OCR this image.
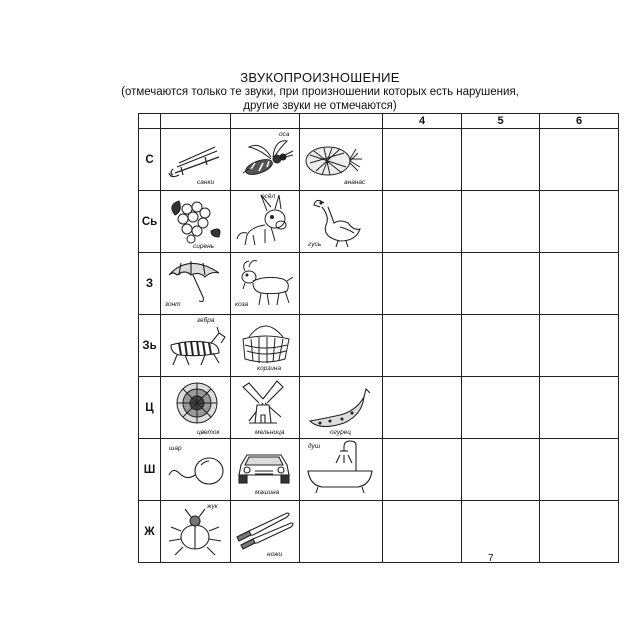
ЗВУКОПРОИЗНОШЕНИЕ
(отмечаются только те звуки, при произношении которых есть нарушения,
другие звуки не отмечаются)
				4	5	6
С	санки	оса	ананас			

Сь	сирень	осёл	гусь			

З	зонт	коза				

Зь	зебра	корзина				

Ц	цветок	мельница	огурец			

Ш	шар	машина	душ			

Ж	жук	ножи				
					7
